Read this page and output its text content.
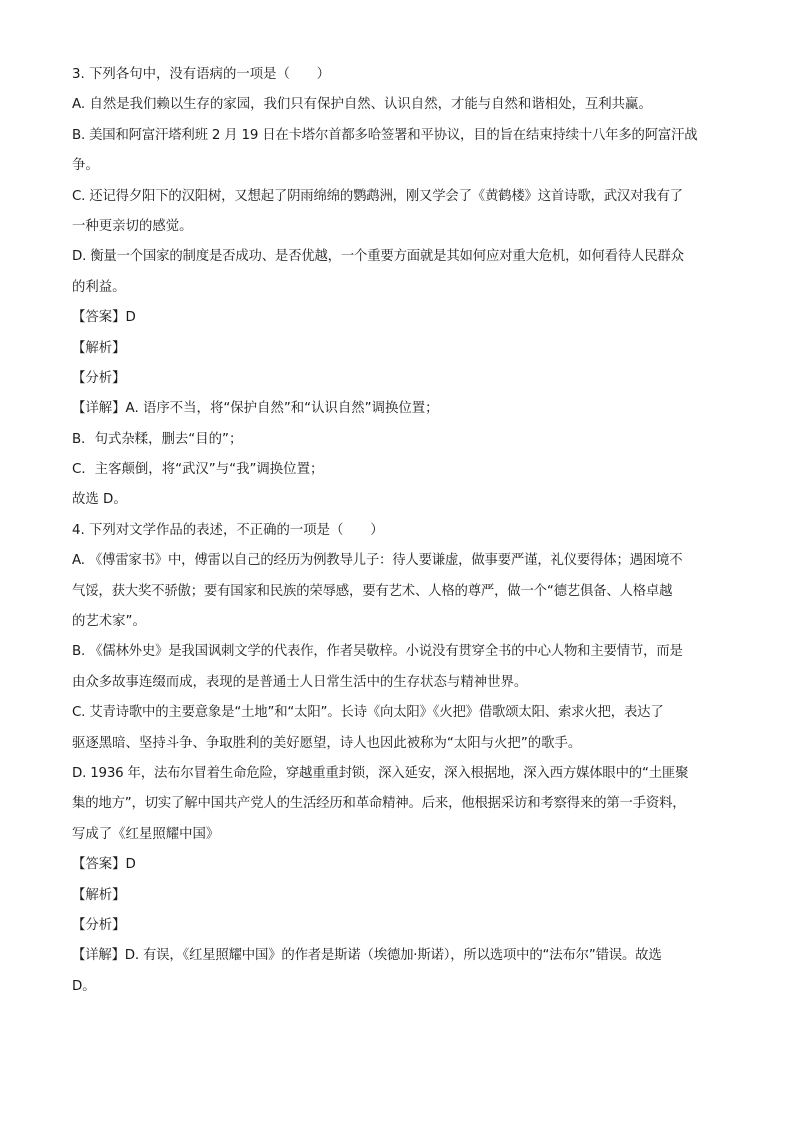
3. 下列各句中，没有语病的一项是（　　）
A. 自然是我们赖以生存的家园，我们只有保护自然、认识自然，才能与自然和谐相处，互利共赢。
B. 美国和阿富汗塔利班 2 月 19 日在卡塔尔首都多哈签署和平协议，目的旨在结束持续十八年多的阿富汗战
争。
C. 还记得夕阳下的汉阳树，又想起了阴雨绵绵的鹦鹉洲，刚又学会了《黄鹤楼》这首诗歌，武汉对我有了
一种更亲切的感觉。
D. 衡量一个国家的制度是否成功、是否优越，一个重要方面就是其如何应对重大危机，如何看待人民群众
的利益。
【答案】D
【解析】
【分析】
【详解】A. 语序不当，将“保护自然”和“认识自然”调换位置；
B．句式杂糅，删去“目的”；
C．主客颠倒，将“武汉”与“我”调换位置；
故选 D。
4. 下列对文学作品的表述，不正确的一项是（　　）
A. 《傅雷家书》中，傅雷以自己的经历为例教导儿子：待人要谦虚，做事要严谨，礼仪要得体；遇困境不
气馁，获大奖不骄傲；要有国家和民族的荣辱感，要有艺术、人格的尊严，做一个“德艺俱备、人格卓越
的艺术家”。
B. 《儒林外史》是我国讽刺文学的代表作，作者吴敬梓。小说没有贯穿全书的中心人物和主要情节，而是
由众多故事连缀而成，表现的是普通士人日常生活中的生存状态与精神世界。
C. 艾青诗歌中的主要意象是“土地”和“太阳”。长诗《向太阳》《火把》借歌颂太阳、索求火把，表达了
驱逐黑暗、坚持斗争、争取胜利的美好愿望，诗人也因此被称为“太阳与火把”的歌手。
D. 1936 年，法布尔冒着生命危险，穿越重重封锁，深入延安，深入根据地，深入西方媒体眼中的“土匪聚
集的地方”，切实了解中国共产党人的生活经历和革命精神。后来，他根据采访和考察得来的第一手资料，
写成了《红星照耀中国》
【答案】D
【解析】
【分析】
【详解】D. 有误，《红星照耀中国》的作者是斯诺（埃德加·斯诺），所以选项中的“法布尔”错误。故选
D。
